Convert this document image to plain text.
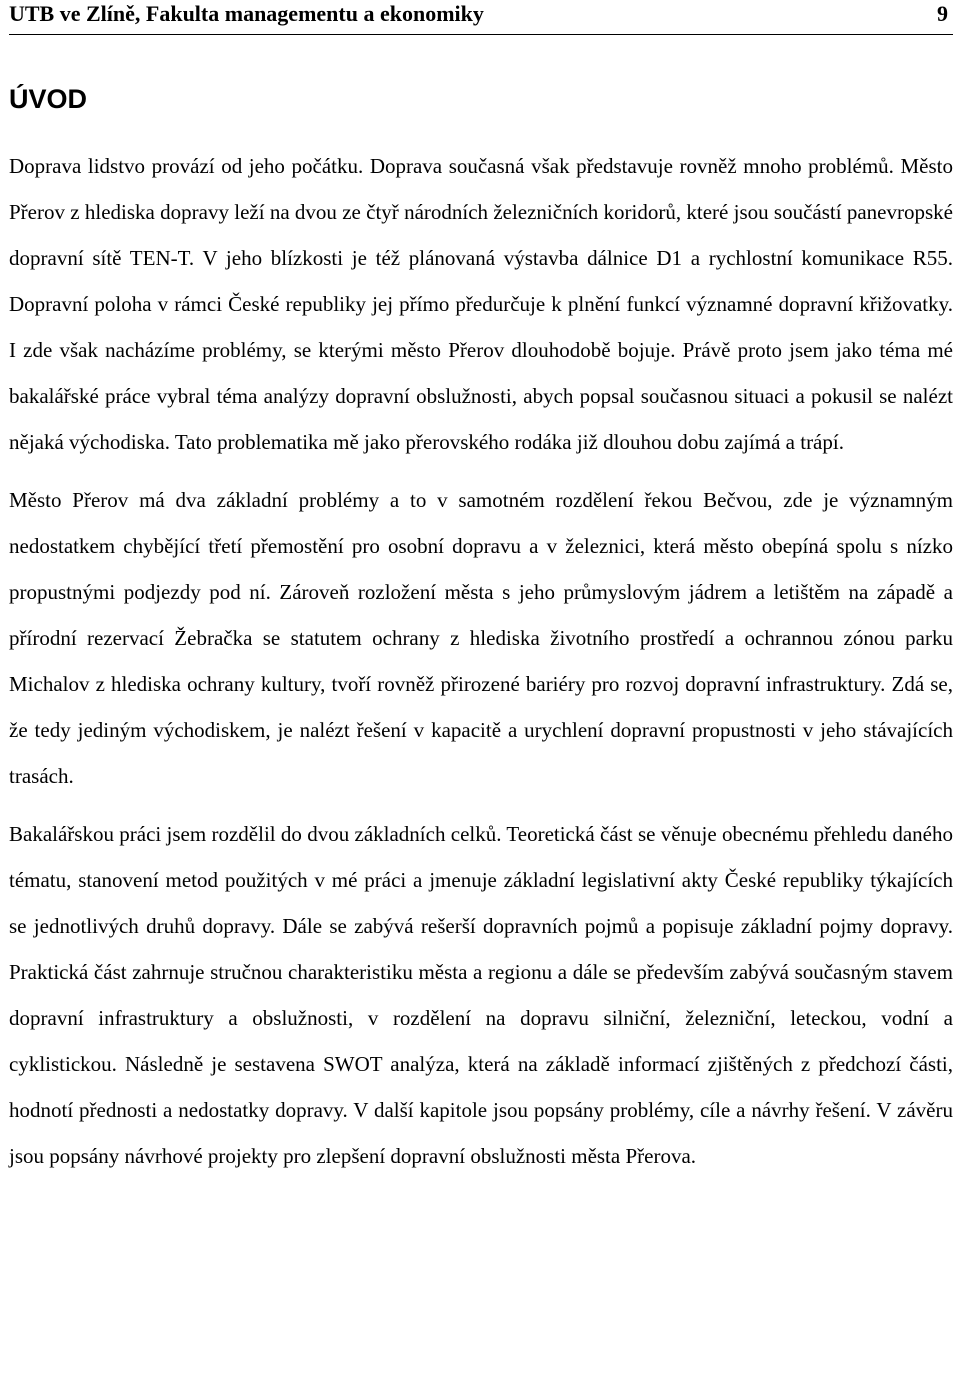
UTB ve Zlíně, Fakulta managementu a ekonomiky	9
ÚVOD

Doprava lidstvo provází od jeho počátku. Doprava současná však představuje rovněž mnoho problémů. Město Přerov z hlediska dopravy leží na dvou ze čtyř národních železničních koridorů, které jsou součástí panevropské dopravní sítě TEN-T. V jeho blízkosti je též plánovaná výstavba dálnice D1 a rychlostní komunikace R55. Dopravní poloha v rámci České republiky jej přímo předurčuje k plnění funkcí významné dopravní křižovatky. I zde však nacházíme problémy, se kterými město Přerov dlouhodobě bojuje. Právě proto jsem jako téma mé bakalářské práce vybral téma analýzy dopravní obslužnosti, abych popsal současnou situaci a pokusil se nalézt nějaká východiska. Tato problematika mě jako přerovského rodáka již dlouhou dobu zajímá a trápí.

Město Přerov má dva základní problémy a to v samotném rozdělení řekou Bečvou, zde je významným nedostatkem chybějící třetí přemostění pro osobní dopravu a v železnici, která město obepíná spolu s nízko propustnými podjezdy pod ní. Zároveň rozložení města s jeho průmyslovým jádrem a letištěm na západě a přírodní rezervací Žebračka se statutem ochrany z hlediska životního prostředí a ochrannou zónou parku Michalov z hlediska ochrany kultury, tvoří rovněž přirozené bariéry pro rozvoj dopravní infrastruktury. Zdá se, že tedy jediným východiskem, je nalézt řešení v kapacitě a urychlení dopravní propustnosti v jeho stávajících trasách.

Bakalářskou práci jsem rozdělil do dvou základních celků. Teoretická část se věnuje obecnému přehledu daného tématu, stanovení metod použitých v mé práci a jmenuje základní legislativní akty České republiky týkajících se jednotlivých druhů dopravy. Dále se zabývá rešerší dopravních pojmů a popisuje základní pojmy dopravy. Praktická část zahrnuje stručnou charakteristiku města a regionu a dále se především zabývá současným stavem dopravní infrastruktury a obslužnosti, v rozdělení na dopravu silniční, železniční, leteckou, vodní a cyklistickou. Následně je sestavena SWOT analýza, která na základě informací zjištěných z předchozí části, hodnotí přednosti a nedostatky dopravy. V další kapitole jsou popsány problémy, cíle a návrhy řešení. V závěru jsou popsány návrhové projekty pro zlepšení dopravní obslužnosti města Přerova.
